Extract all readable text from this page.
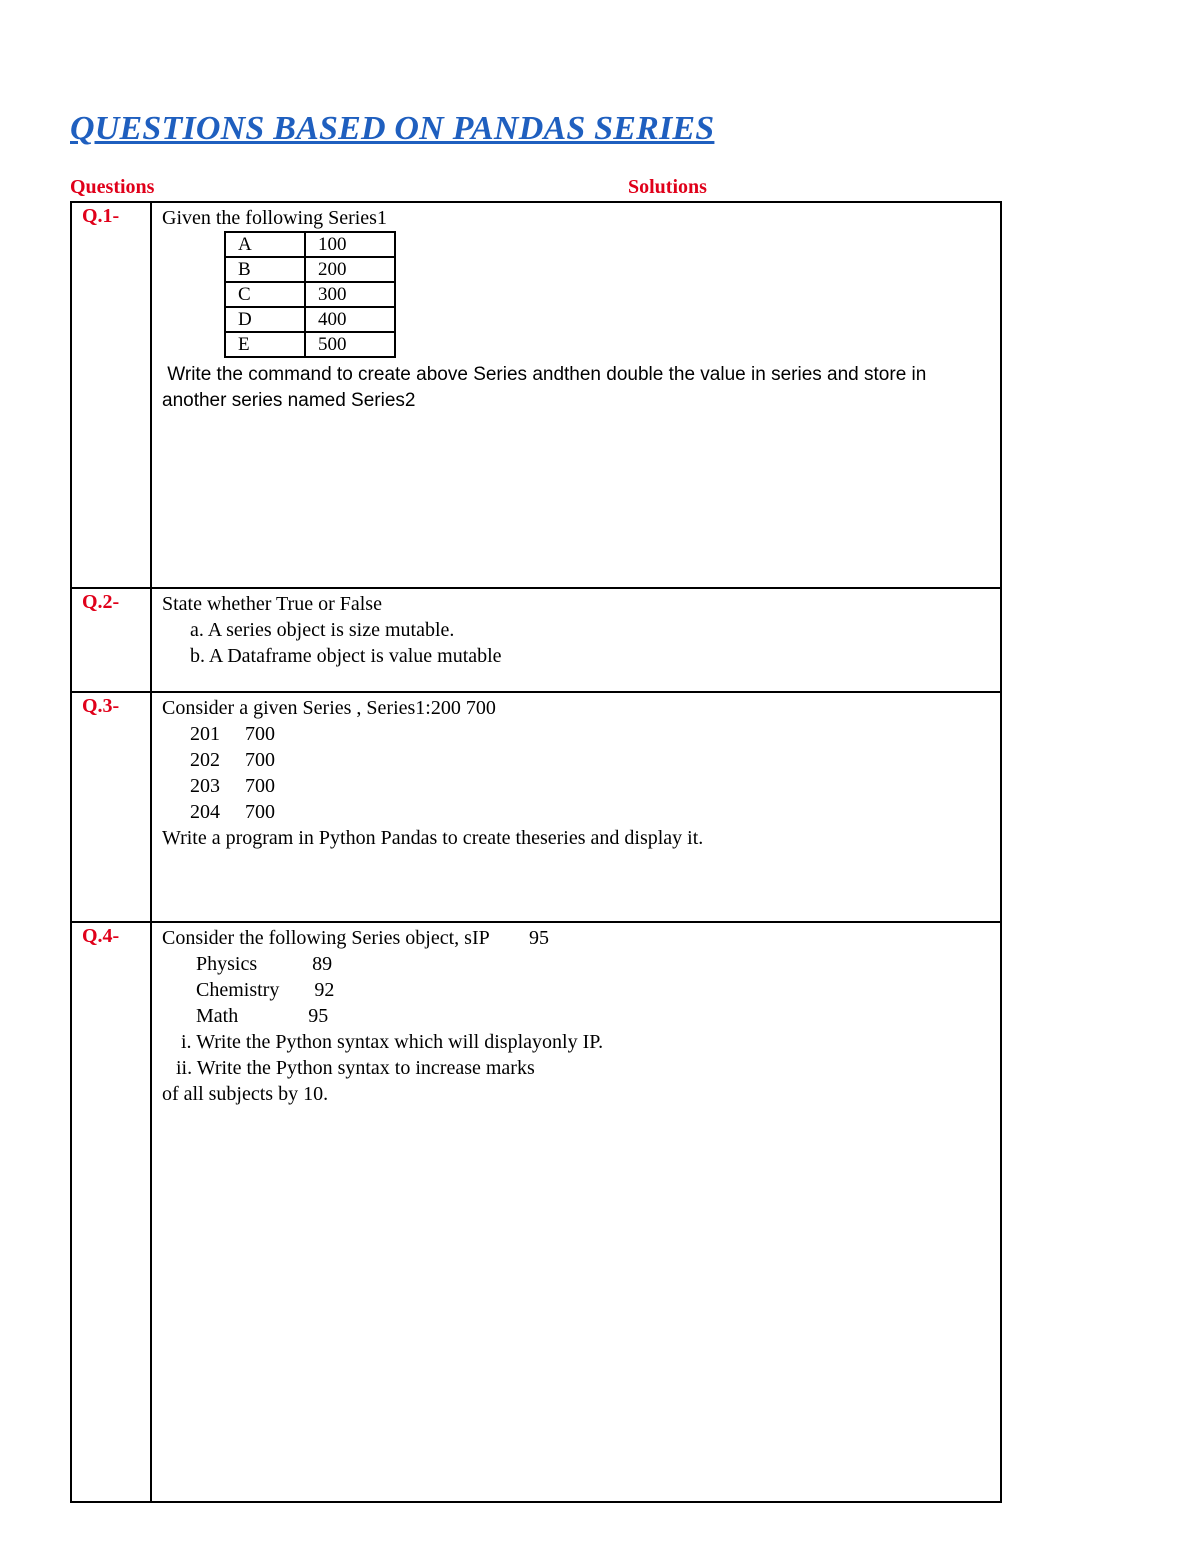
QUESTIONS BASED ON PANDAS SERIES
Questions	Solutions
Q.1- Given the following Series1
A	100
B	200
C	300
D	400
E	500
Write the command to create above Series andthen double the value in series and store in
another series named Series2
Q.2- State whether True or False
a. A series object is size mutable.
b. A Dataframe object is value mutable
Q.3- Consider a given Series , Series1:200 700
201     700
202     700
203     700
204     700
Write a program in Python Pandas to create theseries and display it.
Q.4- Consider the following Series object, sIP        95
Physics           89
Chemistry       92
Math              95
i. Write the Python syntax which will displayonly IP.
ii. Write the Python syntax to increase marks
of all subjects by 10.
